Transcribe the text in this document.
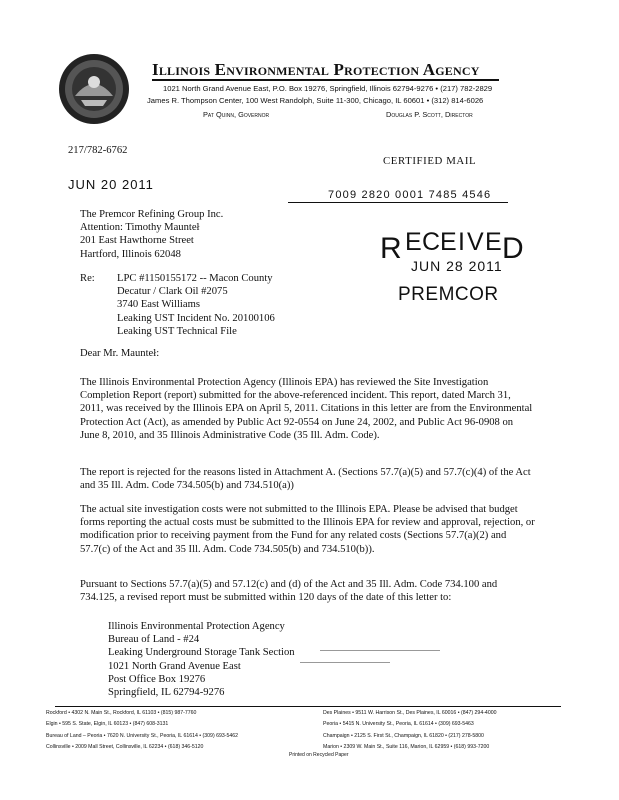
Illinois Environmental Protection Agency
1021 North Grand Avenue East, P.O. Box 19276, Springfield, Illinois 62794-9276 • (217) 782-2829
James R. Thompson Center, 100 West Randolph, Suite 11-300, Chicago, IL 60601 • (312) 814-6026
Pat Quinn, Governor	Douglas P. Scott, Director
217/782-6762
CERTIFIED MAIL
JUN 20 2011
7009 2820 0001 7485 4546
The Premcor Refining Group Inc.
Attention: Timothy Maunteł
201 East Hawthorne Street
Hartford, Illinois 62048	R E C E I V E D
JUN 28 2011
PREMCOR
Re: LPC #1150155172 -- Macon County
Decatur / Clark Oil #2075
3740 East Williams
Leaking UST Incident No. 20100106
Leaking UST Technical File
Dear Mr. Maunteł:
The Illinois Environmental Protection Agency (Illinois EPA) has reviewed the Site Investigation Completion Report (report) submitted for the above-referenced incident. This report, dated March 31, 2011, was received by the Illinois EPA on April 5, 2011. Citations in this letter are from the Environmental Protection Act (Act), as amended by Public Act 92-0554 on June 24, 2002, and Public Act 96-0908 on June 8, 2010, and 35 Illinois Administrative Code (35 Ill. Adm. Code).
The report is rejected for the reasons listed in Attachment A. (Sections 57.7(a)(5) and 57.7(c)(4) of the Act and 35 Ill. Adm. Code 734.505(b) and 734.510(a))
The actual site investigation costs were not submitted to the Illinois EPA. Please be advised that budget forms reporting the actual costs must be submitted to the Illinois EPA for review and approval, rejection, or modification prior to receiving payment from the Fund for any related costs (Sections 57.7(a)(2) and 57.7(c) of the Act and 35 Ill. Adm. Code 734.505(b) and 734.510(b)).
Pursuant to Sections 57.7(a)(5) and 57.12(c) and (d) of the Act and 35 Ill. Adm. Code 734.100 and 734.125, a revised report must be submitted within 120 days of the date of this letter to:
Illinois Environmental Protection Agency
Bureau of Land - #24
Leaking Underground Storage Tank Section
1021 North Grand Avenue East
Post Office Box 19276
Springfield, IL 62794-9276
Rockford • 4302 N. Main St., Rockford, IL 61103 • (815) 987-7760
Elgin • 595 S. State, Elgin, IL 60123 • (847) 608-3131
Bureau of Land – Peoria • 7620 N. University St., Peoria, IL 61614 • (309) 693-5462
Collinsville • 2009 Mall Street, Collinsville, IL 62234 • (618) 346-5120
Des Plaines • 9511 W. Harrison St., Des Plaines, IL 60016 • (847) 294-4000
Peoria • 5415 N. University St., Peoria, IL 61614 • (309) 693-5463
Champaign • 2125 S. First St., Champaign, IL 61820 • (217) 278-5800
Marion • 2309 W. Main St., Suite 116, Marion, IL 62959 • (618) 993-7200
Printed on Recycled Paper
